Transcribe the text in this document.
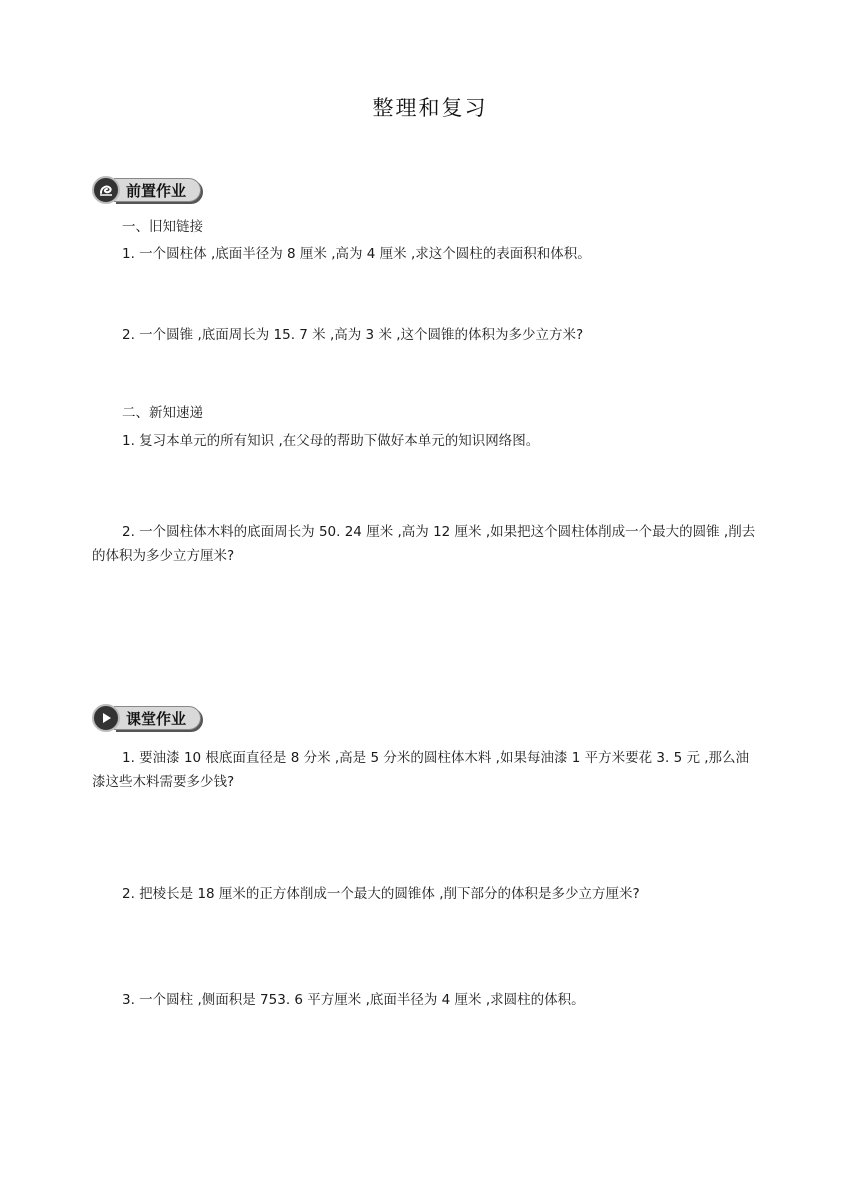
整理和复习
前置作业
一、旧知链接
1. 一个圆柱体 ,底面半径为 8 厘米 ,高为 4 厘米 ,求这个圆柱的表面积和体积。
2. 一个圆锥 ,底面周长为 15. 7 米 ,高为 3 米 ,这个圆锥的体积为多少立方米?
二、新知速递
1. 复习本单元的所有知识 ,在父母的帮助下做好本单元的知识网络图。
2. 一个圆柱体木料的底面周长为 50. 24 厘米 ,高为 12 厘米 ,如果把这个圆柱体削成一个最大的圆锥 ,削去的体积为多少立方厘米?
课堂作业
1. 要油漆 10 根底面直径是 8 分米 ,高是 5 分米的圆柱体木料 ,如果每油漆 1 平方米要花 3. 5 元 ,那么油 漆这些木料需要多少钱?
2. 把棱长是 18 厘米的正方体削成一个最大的圆锥体 ,削下部分的体积是多少立方厘米?
3. 一个圆柱 ,侧面积是 753. 6 平方厘米 ,底面半径为 4 厘米 ,求圆柱的体积。
